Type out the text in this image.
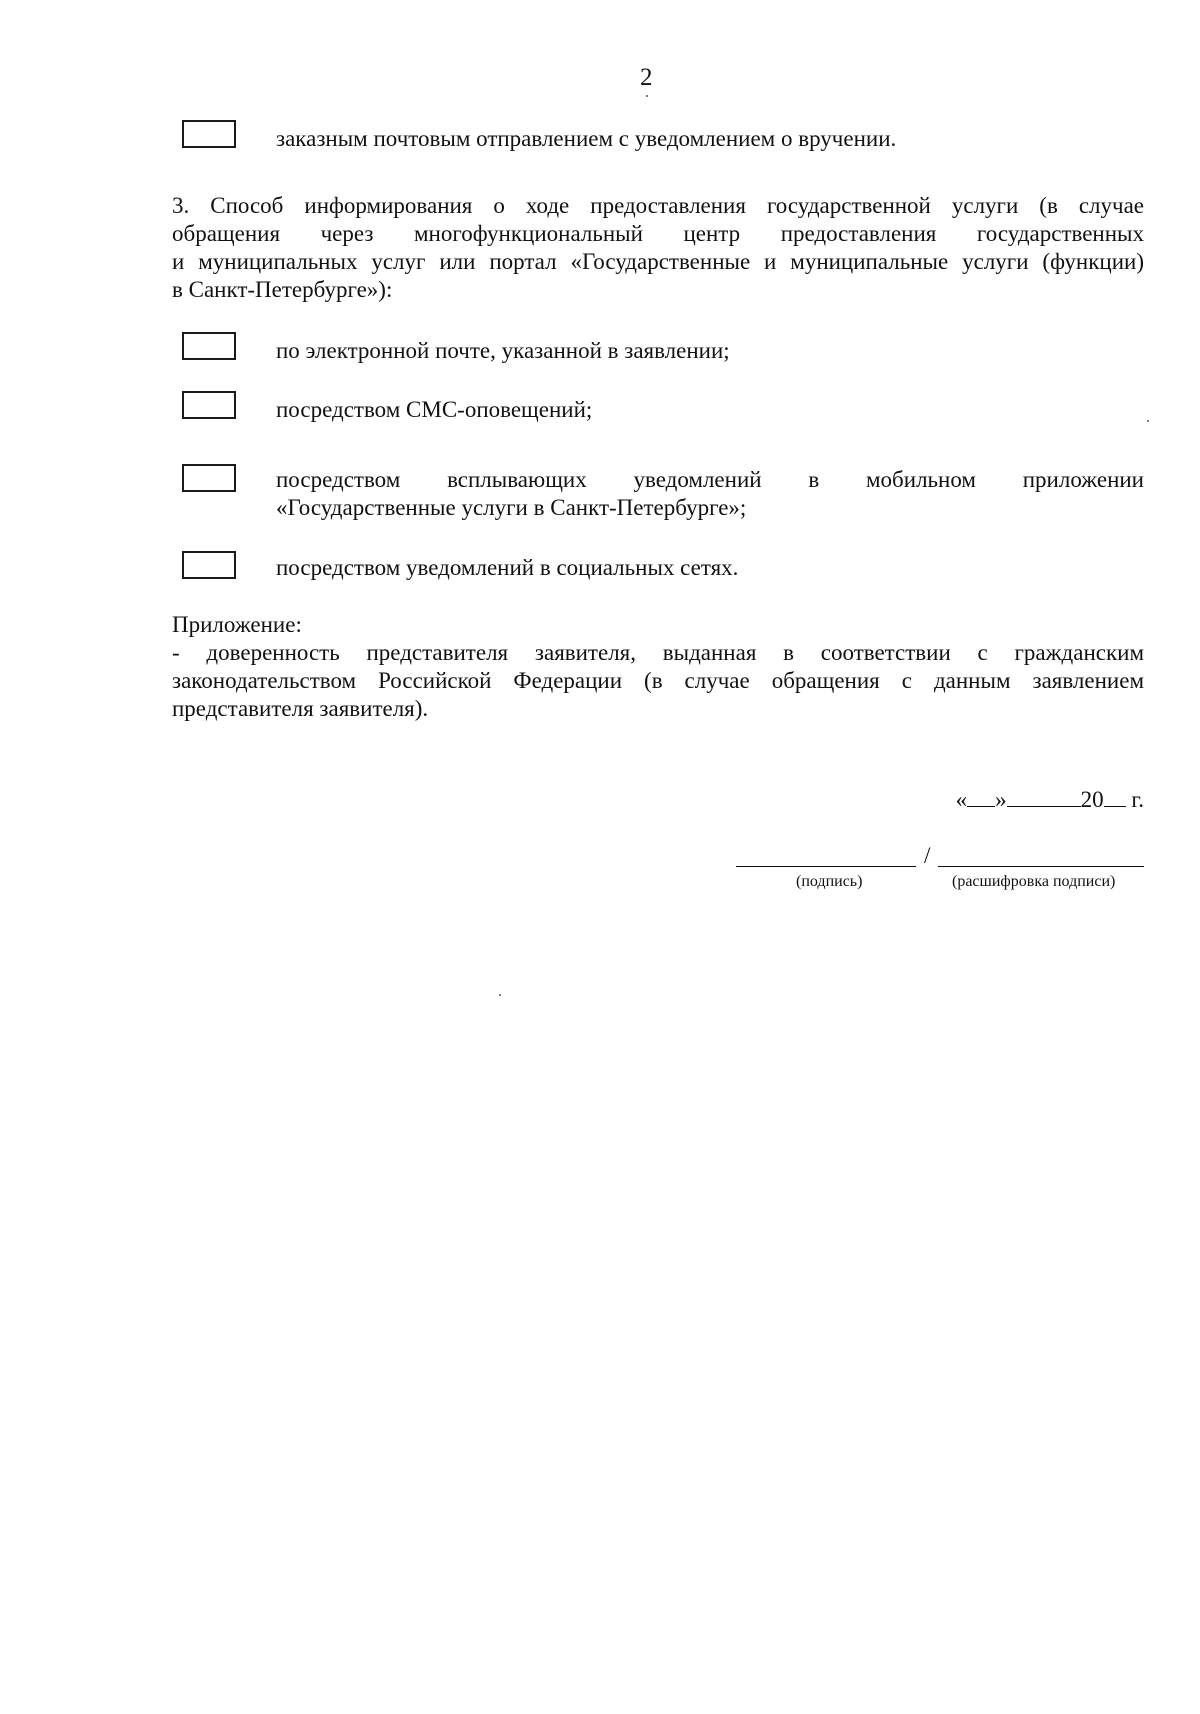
2
заказным почтовым отправлением с уведомлением о вручении.
3. Способ информирования о ходе предоставления государственной услуги (в случае
обращения через многофункциональный центр предоставления государственных
и муниципальных услуг или портал «Государственные и муниципальные услуги (функции)
в Санкт-Петербурге»):
по электронной почте, указанной в заявлении;
посредством СМС-оповещений;
посредством всплывающих уведомлений в мобильном приложении
«Государственные услуги в Санкт-Петербурге»;
посредством уведомлений в социальных сетях.
Приложение:
- доверенность представителя заявителя, выданная в соответствии с гражданским
законодательством Российской Федерации (в случае обращения с данным заявлением
представителя заявителя).
« »	20 г.
/
(подпись)	(расшифровка подписи)
